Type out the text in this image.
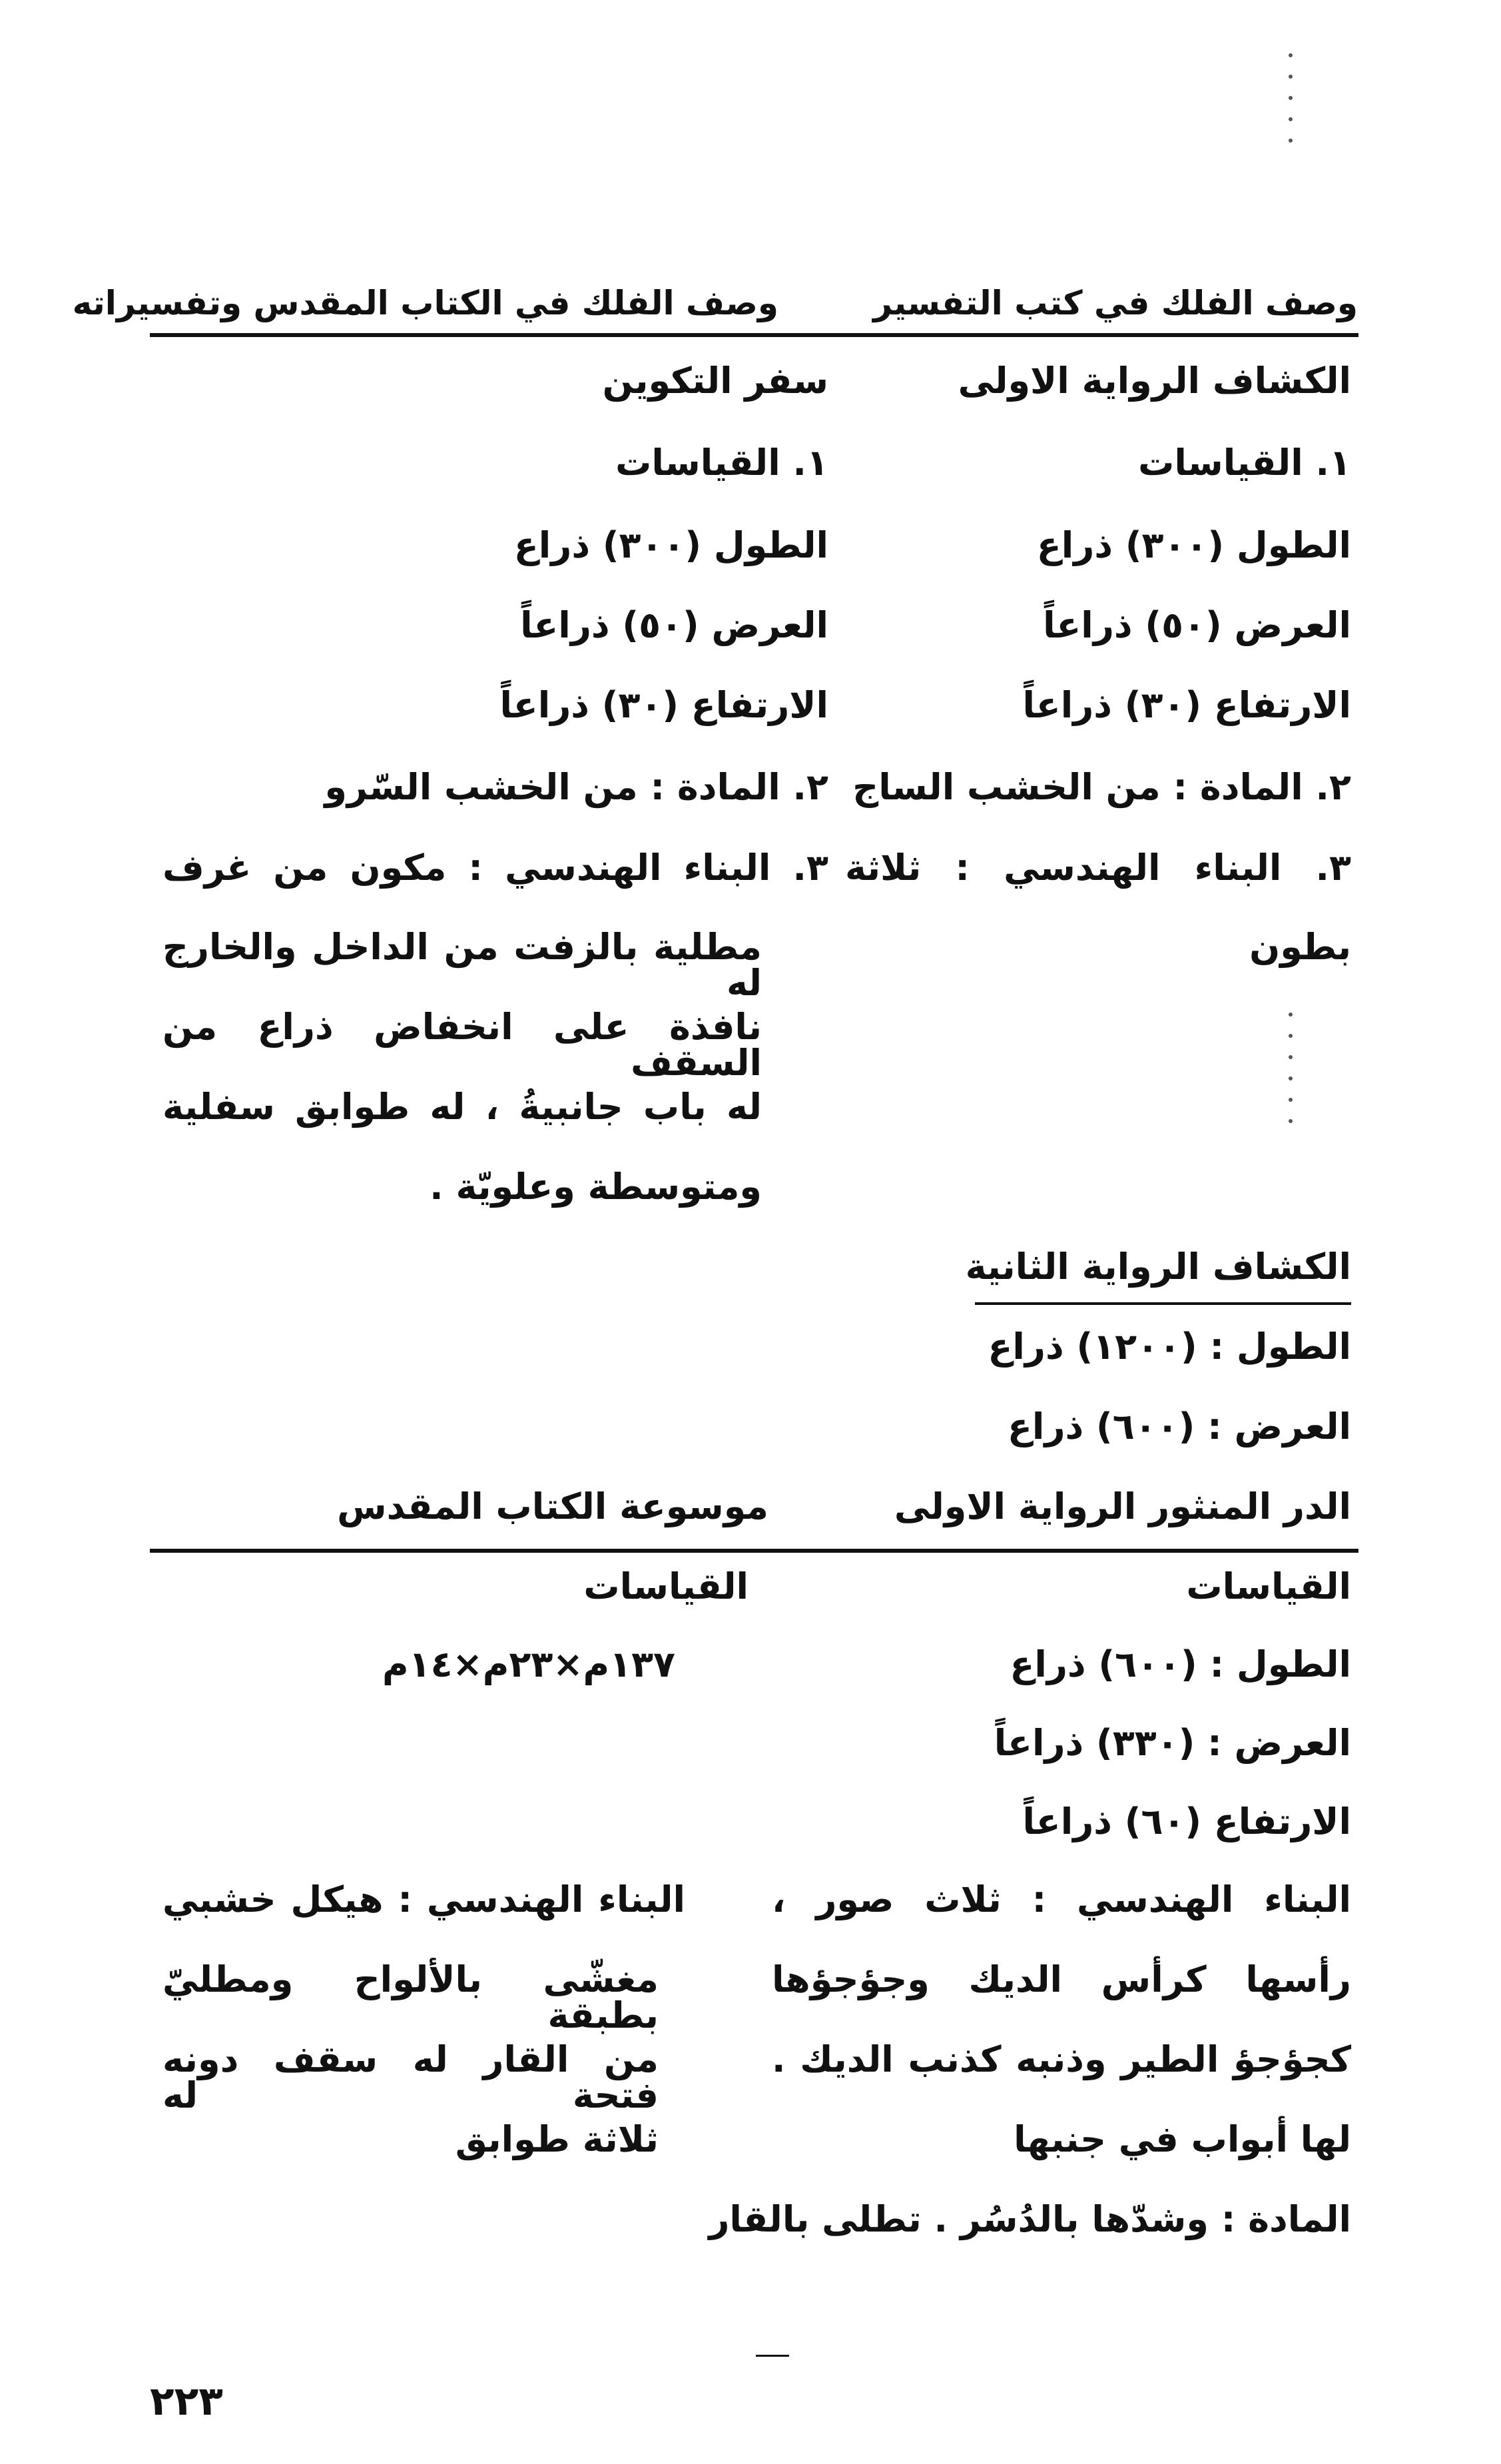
وصف الفلك في كتب التفسير
وصف الفلك في الكتاب المقدس وتفسيراته
الكشاف الرواية الاولى
١. القياسات
الطول (٣٠٠) ذراع
العرض (٥٠) ذراعاً
الارتفاع (٣٠) ذراعاً
٢. المادة : من الخشب الساج
٣. البناء الهندسي : ثلاثة
بطون
سفر التكوين
١. القياسات
الطول (٣٠٠) ذراع
العرض (٥٠) ذراعاً
الارتفاع (٣٠) ذراعاً
٢. المادة : من الخشب السّرو
٣. البناء الهندسي : مكون من غرف
مطلية بالزفت من الداخل والخارج له
نافذة على انخفاض ذراع من السقف
له باب جانبيةُ ، له طوابق سفلية
ومتوسطة وعلويّة .
الكشاف الرواية الثانية
الطول : (١٢٠٠) ذراع
العرض : (٦٠٠) ذراع
الدر المنثور الرواية الاولى
موسوعة الكتاب المقدس
القياسات
الطول : (٦٠٠) ذراع
العرض : (٣٣٠) ذراعاً
الارتفاع (٦٠) ذراعاً
البناء الهندسي : ثلاث صور ،
رأسها كرأس الديك وجؤجؤها
كجؤجؤ الطير وذنبه كذنب الديك .
لها أبواب في جنبها
المادة : وشدّها بالدُسُر . تطلى بالقار
القياسات
١٣٧م×٢٣م×١٤م
البناء الهندسي : هيكل خشبي
مغشّى بالألواح ومطليّ بطبقة
من القار له سقف دونه فتحة له
ثلاثة طوابق
٢٢٣
